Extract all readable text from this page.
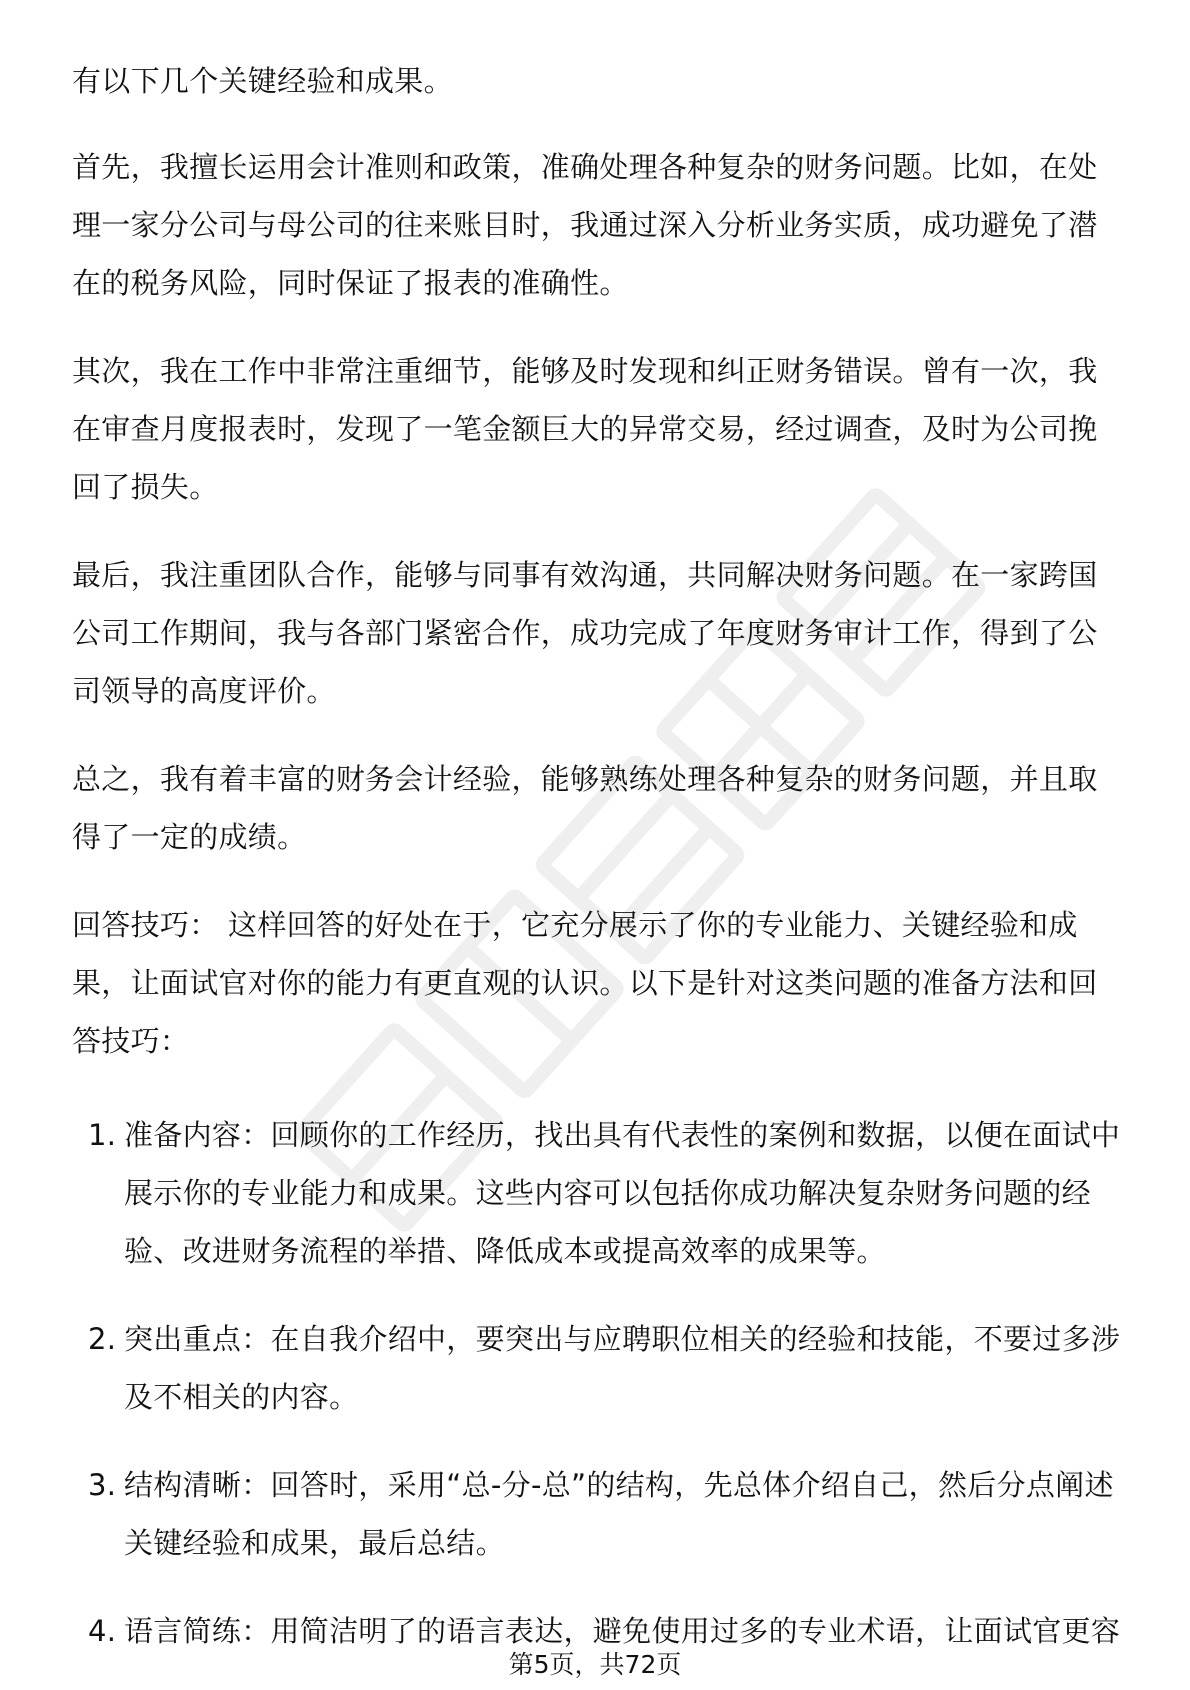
有以下几个关键经验和成果。

首先，我擅长运用会计准则和政策，准确处理各种复杂的财务问题。比如，在处理一家分公司与母公司的往来账目时，我通过深入分析业务实质，成功避免了潜在的税务风险，同时保证了报表的准确性。

其次，我在工作中非常注重细节，能够及时发现和纠正财务错误。曾有一次，我在审查月度报表时，发现了一笔金额巨大的异常交易，经过调查，及时为公司挽回了损失。

最后，我注重团队合作，能够与同事有效沟通，共同解决财务问题。在一家跨国公司工作期间，我与各部门紧密合作，成功完成了年度财务审计工作，得到了公司领导的高度评价。

总之，我有着丰富的财务会计经验，能够熟练处理各种复杂的财务问题，并且取得了一定的成绩。

回答技巧： 这样回答的好处在于，它充分展示了你的专业能力、关键经验和成果，让面试官对你的能力有更直观的认识。以下是针对这类问题的准备方法和回答技巧：

1. 准备内容：回顾你的工作经历，找出具有代表性的案例和数据，以便在面试中展示你的专业能力和成果。这些内容可以包括你成功解决复杂财务问题的经验、改进财务流程的举措、降低成本或提高效率的成果等。
2. 突出重点：在自我介绍中，要突出与应聘职位相关的经验和技能，不要过多涉及不相关的内容。
3. 结构清晰：回答时，采用“总-分-总”的结构，先总体介绍自己，然后分点阐述关键经验和成果，最后总结。
4. 语言简练：用简洁明了的语言表达，避免使用过多的专业术语，让面试官更容
第5页，共72页
